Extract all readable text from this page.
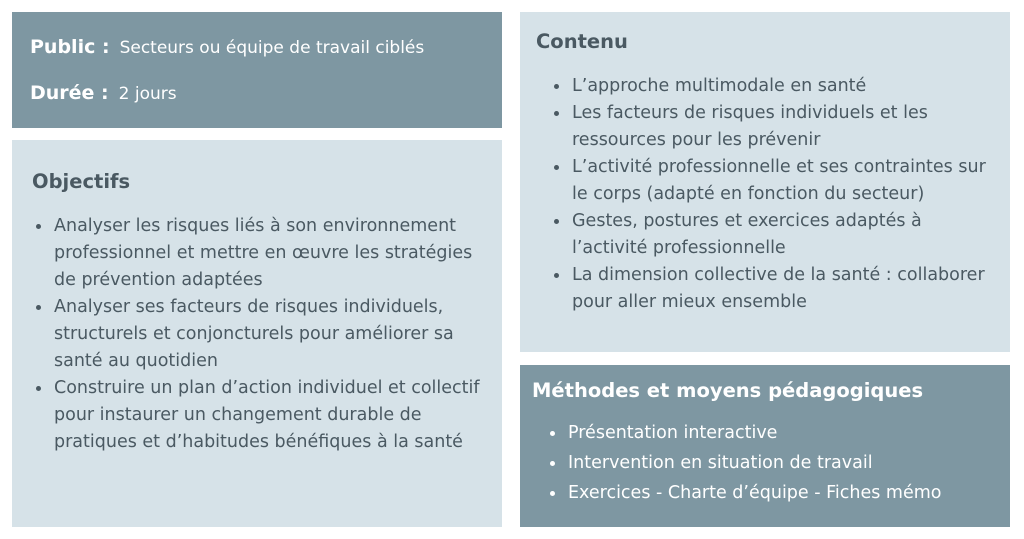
Public : Secteurs ou équipe de travail ciblés
Durée : 2 jours
Objectifs
Analyser les risques liés à son environnement professionnel et mettre en œuvre les stratégies de prévention adaptées
Analyser ses facteurs de risques individuels, structurels et conjoncturels pour améliorer sa santé au quotidien
Construire un plan d’action individuel et collectif pour instaurer un changement durable de pratiques et d’habitudes bénéfiques à la santé
Contenu
L’approche multimodale en santé
Les facteurs de risques individuels et les ressources pour les prévenir
L’activité professionnelle et ses contraintes sur le corps (adapté en fonction du secteur)
Gestes, postures et exercices adaptés à l’activité professionnelle
La dimension collective de la santé : collaborer pour aller mieux ensemble
Méthodes et moyens pédagogiques
Présentation interactive
Intervention en situation de travail
Exercices - Charte d’équipe - Fiches mémo
